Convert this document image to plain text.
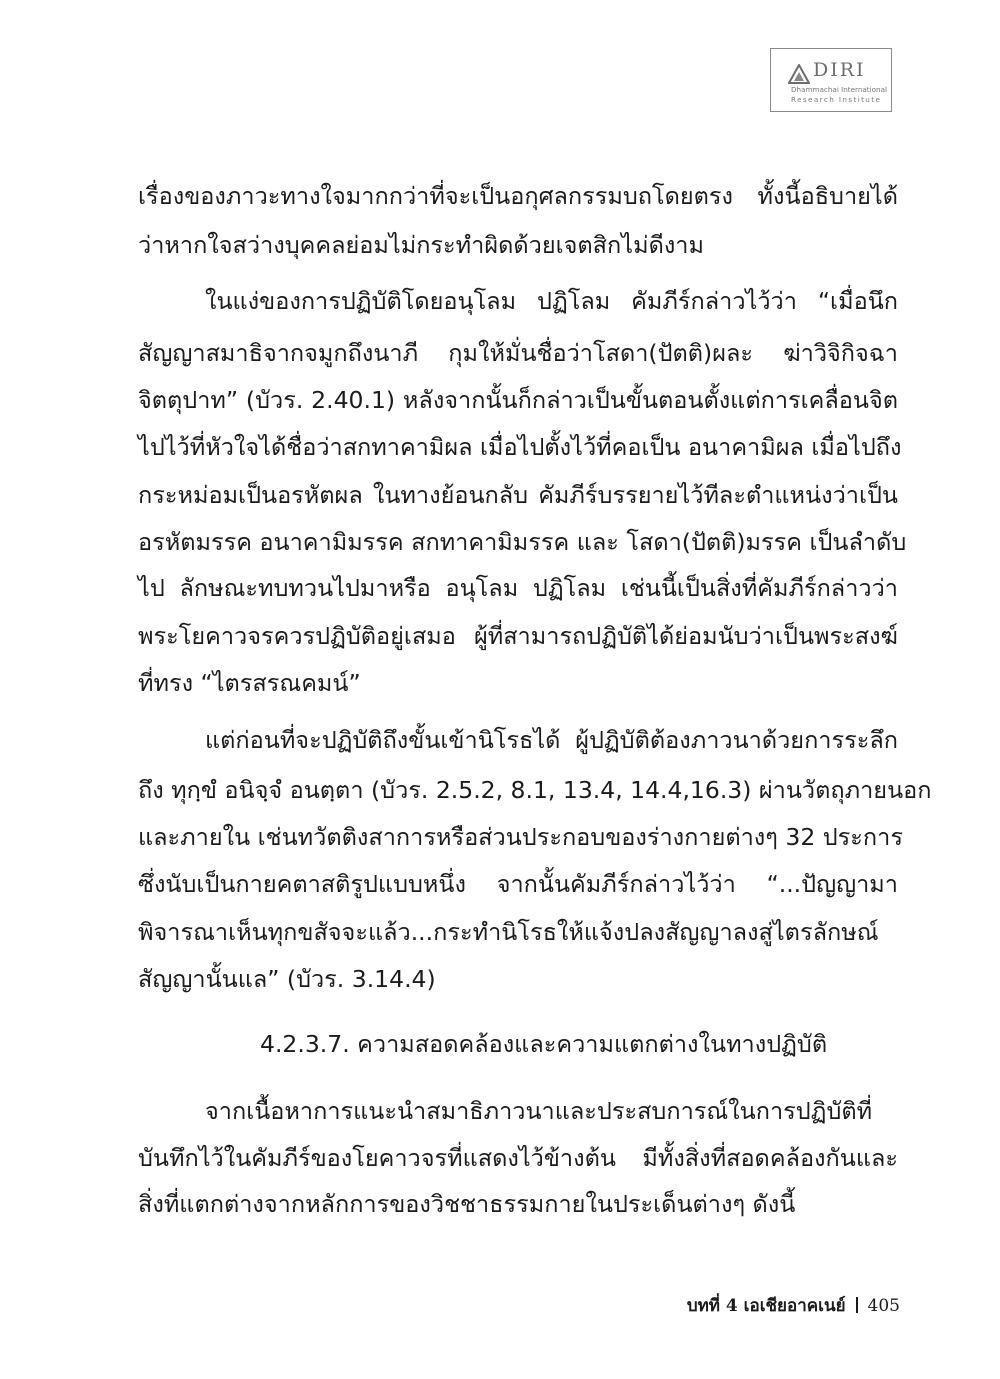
DIRI
Dhammachai International
Research Institute
เรื่องของภาวะทางใจมากกว่าที่จะเป็นอกุศลกรรมบถโดยตรง ทั้งนี้อธิบายได้
ว่าหากใจสว่างบุคคลย่อมไม่กระทำผิดด้วยเจตสิกไม่ดีงาม
ในแง่ของการปฏิบัติโดยอนุโลม ปฏิโลม คัมภีร์กล่าวไว้ว่า “เมื่อนึก
สัญญาสมาธิจากจมูกถึงนาภี กุมให้มั่นชื่อว่าโสดา(ปัตติ)ผละ ฆ่าวิจิกิจฉา
จิตตุปาท” (บัวร. 2.40.1) หลังจากนั้นก็กล่าวเป็นขั้นตอนตั้งแต่การเคลื่อนจิต
ไปไว้ที่หัวใจได้ชื่อว่าสกทาคามิผล เมื่อไปตั้งไว้ที่คอเป็น อนาคามิผล เมื่อไปถึง
กระหม่อมเป็นอรหัตผล ในทางย้อนกลับ คัมภีร์บรรยายไว้ทีละตำแหน่งว่าเป็น
อรหัตมรรค อนาคามิมรรค สกทาคามิมรรค และ โสดา(ปัตติ)มรรค เป็นลำดับ
ไป ลักษณะทบทวนไปมาหรือ อนุโลม ปฏิโลม เช่นนี้เป็นสิ่งที่คัมภีร์กล่าวว่า
พระโยคาวจรควรปฏิบัติอยู่เสมอ ผู้ที่สามารถปฏิบัติได้ย่อมนับว่าเป็นพระสงฆ์
ที่ทรง “ไตรสรณคมน์”
แต่ก่อนที่จะปฏิบัติถึงขั้นเข้านิโรธได้ ผู้ปฏิบัติต้องภาวนาด้วยการระลึก
ถึง ทุกฺขํ อนิจฺจํ อนตฺตา (บัวร. 2.5.2, 8.1, 13.4, 14.4,16.3) ผ่านวัตถุภายนอก
และภายใน เช่นทวัตติงสาการหรือส่วนประกอบของร่างกายต่างๆ 32 ประการ
ซึ่งนับเป็นกายคตาสติรูปแบบหนึ่ง จากนั้นคัมภีร์กล่าวไว้ว่า “...ปัญญามา
พิจารณาเห็นทุกขสัจจะแล้ว...กระทำนิโรธให้แจ้งปลงสัญญาลงสู่ไตรลักษณ์
สัญญานั้นแล” (บัวร. 3.14.4)
4.2.3.7. ความสอดคล้องและความแตกต่างในทางปฏิบัติ
จากเนื้อหาการแนะนำสมาธิภาวนาและประสบการณ์ในการปฏิบัติที่
บันทึกไว้ในคัมภีร์ของโยคาวจรที่แสดงไว้ข้างต้น มีทั้งสิ่งที่สอดคล้องกันและ
สิ่งที่แตกต่างจากหลักการของวิชชาธรรมกายในประเด็นต่างๆ ดังนี้
บทที่ 4 เอเชียอาคเนย์ 405
